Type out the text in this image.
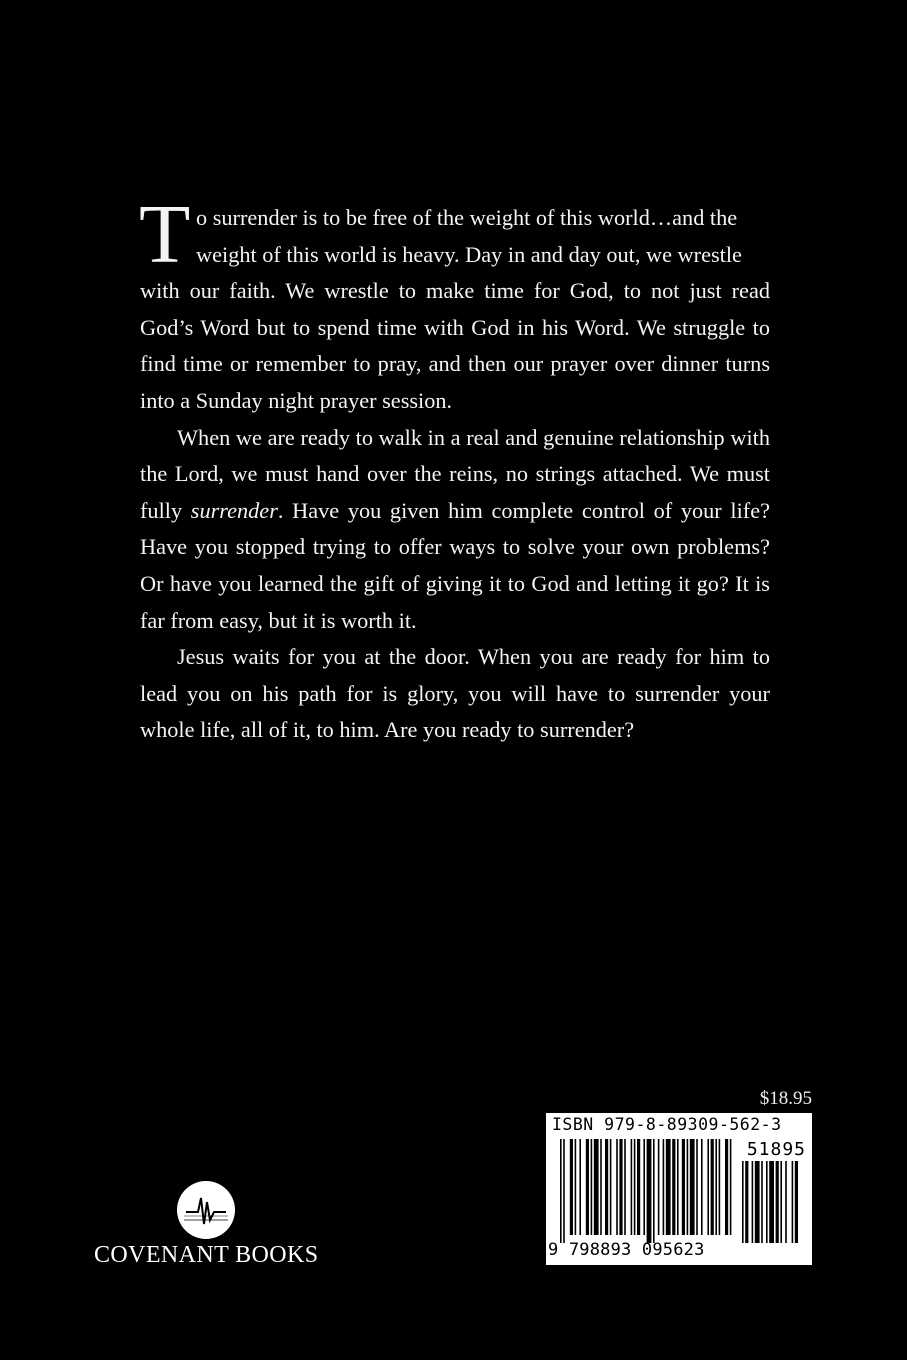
T o surrender is to be free of the weight of this world…and the
weight of this world is heavy. Day in and day out, we wrestle
with our faith. We wrestle to make time for God, to not just read God’s Word but to spend time with God in his Word. We struggle to find time or remember to pray, and then our prayer over dinner turns into a Sunday night prayer session.

When we are ready to walk in a real and genuine relationship with the Lord, we must hand over the reins, no strings attached. We must fully surrender. Have you given him complete control of your life? Have you stopped trying to offer ways to solve your own problems? Or have you learned the gift of giving it to God and letting it go? It is far from easy, but it is worth it.

Jesus waits for you at the door. When you are ready for him to lead you on his path for is glory, you will have to surrender your whole life, all of it, to him. Are you ready to surrender?

$18.95
ISBN 979-8-89309-562-3
51895
9 798893 095623
COVENANT BOOKS
